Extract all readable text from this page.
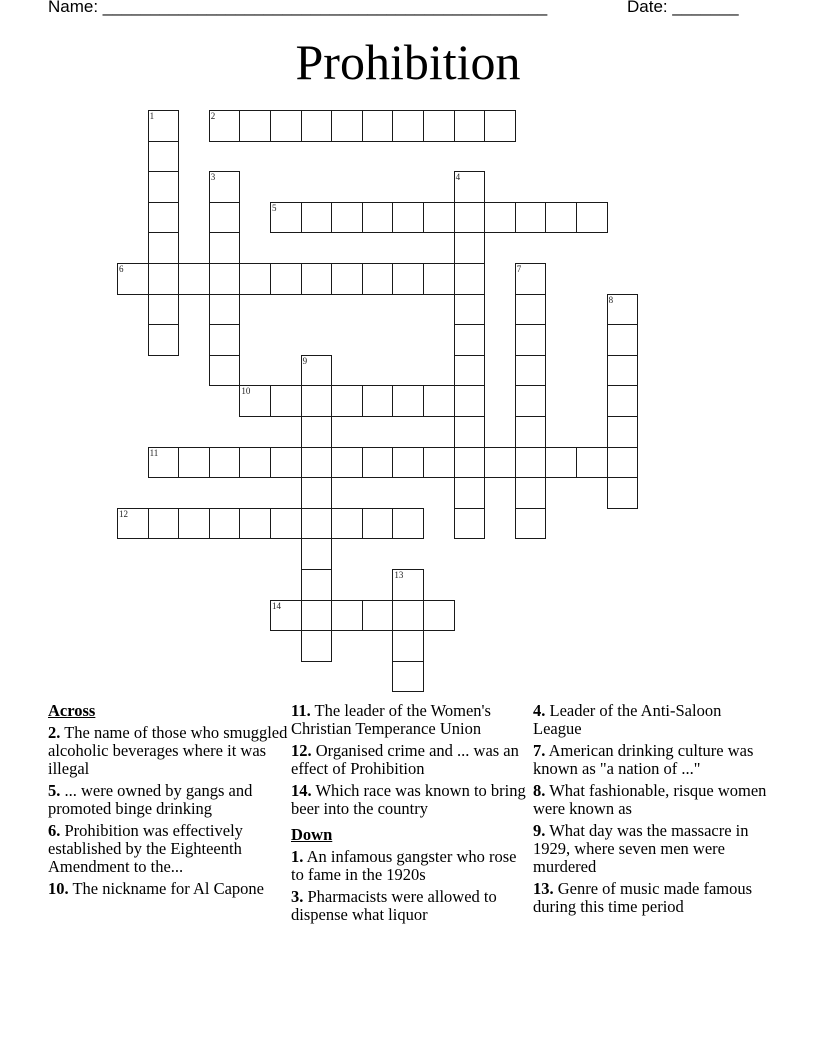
Name: _______________________________________________	Date: _______
Prohibition
1	2
3	4
5
6	7
8
9
10
11
12
13
14
Across
2. The name of those who smuggled alcoholic beverages where it was illegal
5. ... were owned by gangs and promoted binge drinking
6. Prohibition was effectively established by the Eighteenth Amendment to the...
10. The nickname for Al Capone
11. The leader of the Women's Christian Temperance Union
12. Organised crime and ... was an effect of Prohibition
14. Which race was known to bring beer into the country
Down
1. An infamous gangster who rose to fame in the 1920s
3. Pharmacists were allowed to dispense what liquor
4. Leader of the Anti-Saloon League
7. American drinking culture was known as "a nation of ..."
8. What fashionable, risque women were known as
9. What day was the massacre in 1929, where seven men were murdered
13. Genre of music made famous during this time period
